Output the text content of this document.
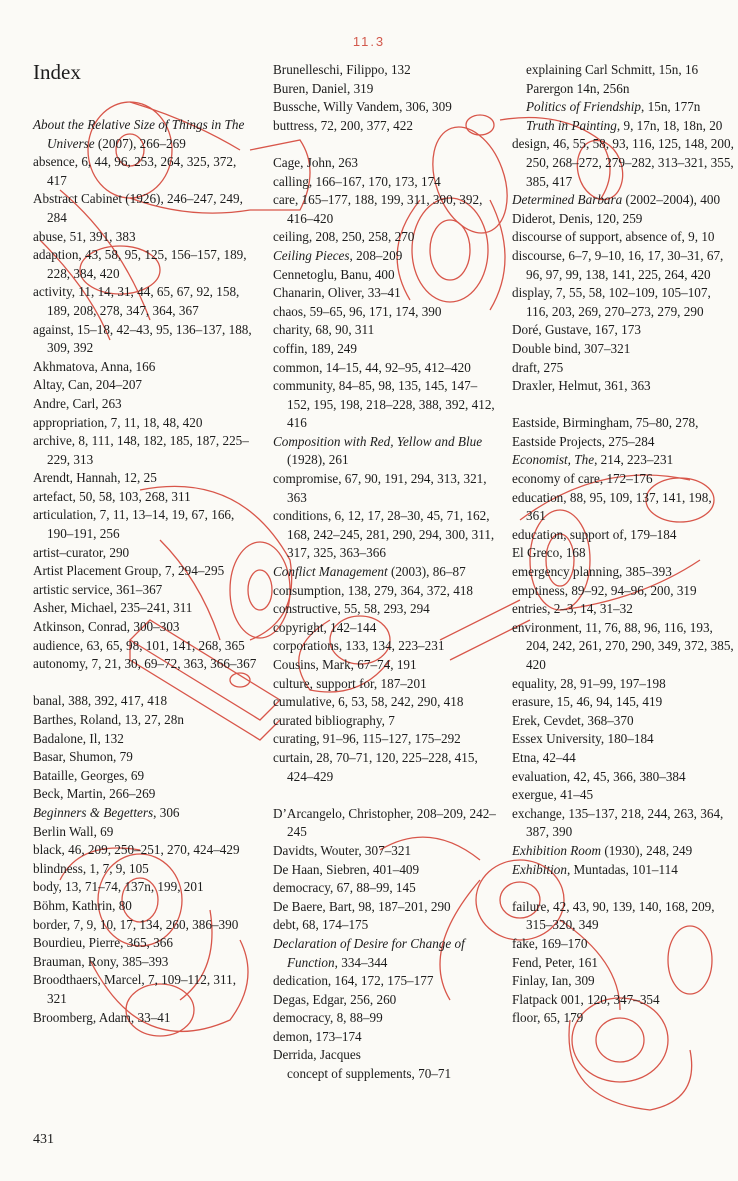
11.3
Index

About the Relative Size of Things in The Universe (2007), 266–269

absence, 6, 44, 96, 253, 264, 325, 372, 417

Abstract Cabinet (1926), 246–247, 249, 284

abuse, 51, 391, 383

adaption, 43, 58, 95, 125, 156–157, 189, 228, 384, 420

activity, 11, 14, 31, 44, 65, 67, 92, 158, 189, 208, 278, 347, 364, 367

against, 15–18, 42–43, 95, 136–137, 188, 309, 392

Akhmatova, Anna, 166

Altay, Can, 204–207

Andre, Carl, 263

appropriation, 7, 11, 18, 48, 420

archive, 8, 111, 148, 182, 185, 187, 225–229, 313

Arendt, Hannah, 12, 25

artefact, 50, 58, 103, 268, 311

articulation, 7, 11, 13–14, 19, 67, 166, 190–191, 256

artist–curator, 290

Artist Placement Group, 7, 294–295

artistic service, 361–367

Asher, Michael, 235–241, 311

Atkinson, Conrad, 300–303

audience, 63, 65, 98, 101, 141, 268, 365

autonomy, 7, 21, 30, 69–72, 363, 366–367

banal, 388, 392, 417, 418

Barthes, Roland, 13, 27, 28n

Badalone, Il, 132

Basar, Shumon, 79

Bataille, Georges, 69

Beck, Martin, 266–269

Beginners & Begetters, 306

Berlin Wall, 69

black, 46, 209, 250–251, 270, 424–429

blindness, 1, 7, 9, 105

body, 13, 71–74, 137n, 199, 201

Böhm, Kathrin, 80

border, 7, 9, 10, 17, 134, 260, 386–390

Bourdieu, Pierre, 365, 366

Brauman, Rony, 385–393

Broodthaers, Marcel, 7, 109–112, 311, 321

Broomberg, Adam, 33–41

Brunelleschi, Filippo, 132

Buren, Daniel, 319

Bussche, Willy Vandem, 306, 309

buttress, 72, 200, 377, 422

Cage, John, 263

calling, 166–167, 170, 173, 174

care, 165–177, 188, 199, 311, 390, 392, 416–420

ceiling, 208, 250, 258, 270

Ceiling Pieces, 208–209

Cennetoglu, Banu, 400

Chanarin, Oliver, 33–41

chaos, 59–65, 96, 171, 174, 390

charity, 68, 90, 311

coffin, 189, 249

common, 14–15, 44, 92–95, 412–420

community, 84–85, 98, 135, 145, 147–152, 195, 198, 218–228, 388, 392, 412, 416

Composition with Red, Yellow and Blue (1928), 261

compromise, 67, 90, 191, 294, 313, 321, 363

conditions, 6, 12, 17, 28–30, 45, 71, 162, 168, 242–245, 281, 290, 294, 300, 311, 317, 325, 363–366

Conflict Management (2003), 86–87

consumption, 138, 279, 364, 372, 418

constructive, 55, 58, 293, 294

copyright, 142–144

corporations, 133, 134, 223–231

Cousins, Mark, 67–74, 191

culture, support for, 187–201

cumulative, 6, 53, 58, 242, 290, 418

curated bibliography, 7

curating, 91–96, 115–127, 175–292

curtain, 28, 70–71, 120, 225–228, 415, 424–429

D’Arcangelo, Christopher, 208–209, 242–245

Davidts, Wouter, 307–321

De Haan, Siebren, 401–409

democracy, 67, 88–99, 145

De Baere, Bart, 98, 187–201, 290

debt, 68, 174–175

Declaration of Desire for Change of Function, 334–344

dedication, 164, 172, 175–177

Degas, Edgar, 256, 260

democracy, 8, 88–99

demon, 173–174

Derrida, Jacques

concept of supplements, 70–71

explaining Carl Schmitt, 15n, 16

Parergon 14n, 256n

Politics of Friendship, 15n, 177n

Truth in Painting, 9, 17n, 18, 18n, 20

design, 46, 55, 58, 93, 116, 125, 148, 200, 250, 268–272, 279–282, 313–321, 355, 385, 417

Determined Barbara (2002–2004), 400

Diderot, Denis, 120, 259

discourse of support, absence of, 9, 10

discourse, 6–7, 9–10, 16, 17, 30–31, 67, 96, 97, 99, 138, 141, 225, 264, 420

display, 7, 55, 58, 102–109, 105–107, 116, 203, 269, 270–273, 279, 290

Doré, Gustave, 167, 173

Double bind, 307–321

draft, 275

Draxler, Helmut, 361, 363

Eastside, Birmingham, 75–80, 278,

Eastside Projects, 275–284

Economist, The, 214, 223–231

economy of care, 172–176

education, 88, 95, 109, 137, 141, 198, 361

education, support of, 179–184

El Greco, 168

emergency planning, 385–393

emptiness, 89–92, 94–96, 200, 319

entries, 2–3, 14, 31–32

environment, 11, 76, 88, 96, 116, 193, 204, 242, 261, 270, 290, 349, 372, 385, 420

equality, 28, 91–99, 197–198

erasure, 15, 46, 94, 145, 419

Erek, Cevdet, 368–370

Essex University, 180–184

Etna, 42–44

evaluation, 42, 45, 366, 380–384

exergue, 41–45

exchange, 135–137, 218, 244, 263, 364, 387, 390

Exhibition Room (1930), 248, 249

Exhibition, Muntadas, 101–114

failure, 42, 43, 90, 139, 140, 168, 209, 315–320, 349

fake, 169–170

Fend, Peter, 161

Finlay, Ian, 309

Flatpack 001, 120, 347–354

floor, 65, 179

431
